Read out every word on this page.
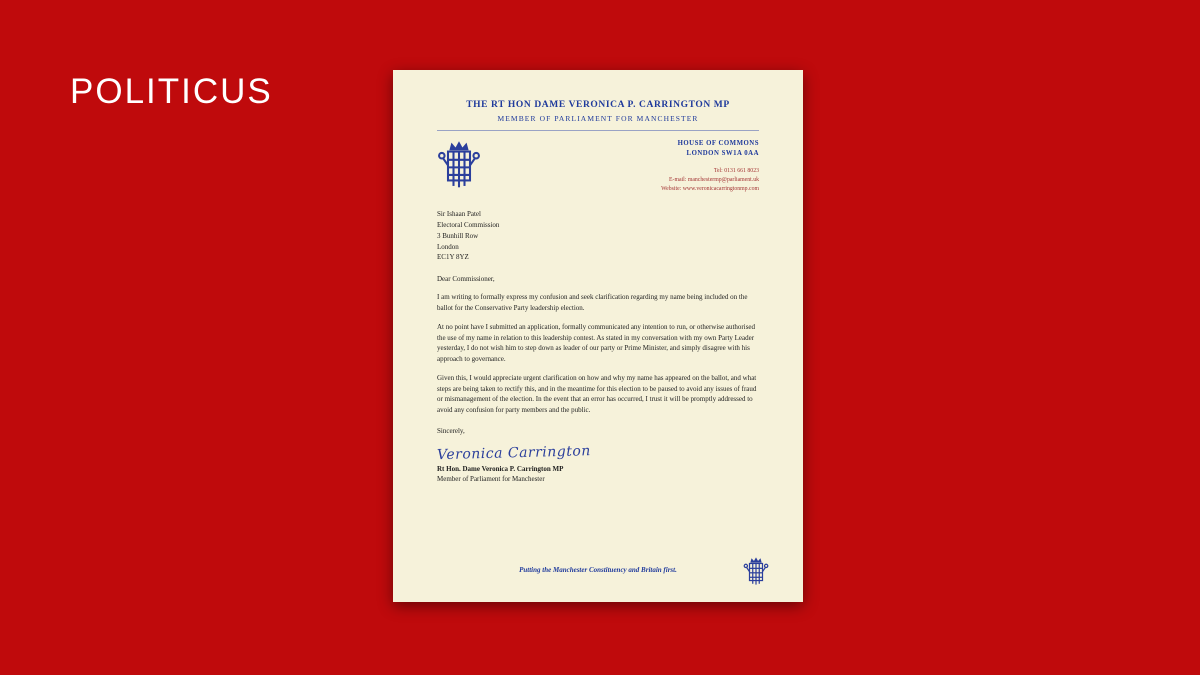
POLITICUS	THE RT HON DAME VERONICA P. CARRINGTON MP
MEMBER OF PARLIAMENT FOR MANCHESTER
HOUSE OF COMMONS
LONDON SW1A 0AA
Tel: 0131 661 8023
E-mail: manchestermp@parliament.uk
Website: www.veronicacarringtonmp.com
Sir Ishaan Patel
Electoral Commission
3 Bunhill Row
London
EC1Y 8YZ
Dear Commissioner,

I am writing to formally express my confusion and seek clarification regarding my name being included on the ballot for the Conservative Party leadership election.

At no point have I submitted an application, formally communicated any intention to run, or otherwise authorised the use of my name in relation to this leadership contest. As stated in my conversation with my own Party Leader yesterday, I do not wish him to step down as leader of our party or Prime Minister, and simply disagree with his approach to governance.

Given this, I would appreciate urgent clarification on how and why my name has appeared on the ballot, and what steps are being taken to rectify this, and in the meantime for this election to be paused to avoid any issues of fraud or mismanagement of the election. In the event that an error has occurred, I trust it will be promptly addressed to avoid any confusion for party members and the public.

Sincerely,
Veronica Carrington
Rt Hon. Dame Veronica P. Carrington MP
Member of Parliament for Manchester
Putting the Manchester Constituency and Britain first.
